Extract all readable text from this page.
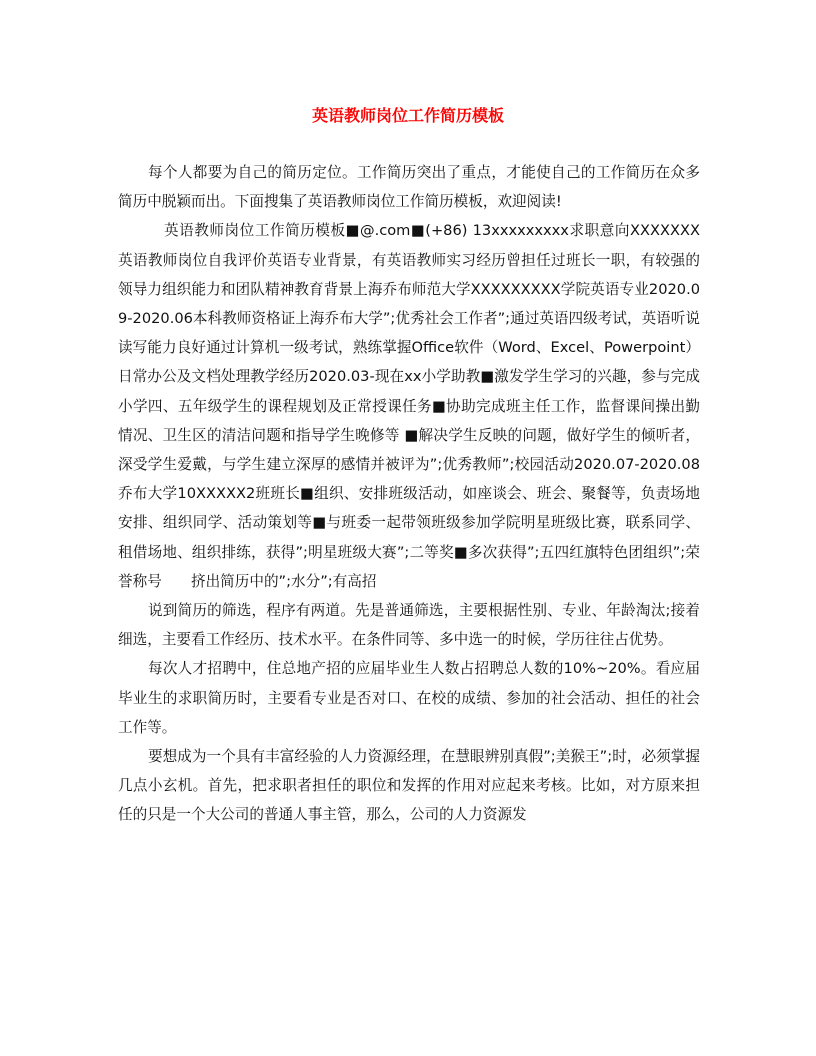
英语教师岗位工作简历模板

每个人都要为自己的简历定位。工作简历突出了重点，才能使自己的工作简历在众多简历中脱颖而出。下面搜集了英语教师岗位工作简历模板，欢迎阅读!

英语教师岗位工作简历模板■@.com■(+86) 13xxxxxxxxx求职意向XXXXXXX英语教师岗位自我评价英语专业背景，有英语教师实习经历曾担任过班长一职，有较强的领导力组织能力和团队精神教育背景上海乔布师范大学XXXXXXXXX学院英语专业2020.09-2020.06本科教师资格证上海乔布大学”;优秀社会工作者”;通过英语四级考试，英语听说读写能力良好通过计算机一级考试，熟练掌握Office软件（Word、Excel、Powerpoint）日常办公及文档处理教学经历2020.03-现在xx小学助教■激发学生学习的兴趣，参与完成小学四、五年级学生的课程规划及正常授课任务■协助完成班主任工作，监督课间操出勤情况、卫生区的清洁问题和指导学生晚修等 ■解决学生反映的问题，做好学生的倾听者，深受学生爱戴，与学生建立深厚的感情并被评为”;优秀教师”;校园活动2020.07-2020.08乔布大学10XXXXX2班班长■组织、安排班级活动，如座谈会、班会、聚餐等，负责场地安排、组织同学、活动策划等■与班委一起带领班级参加学院明星班级比赛，联系同学、租借场地、组织排练，获得”;明星班级大赛”;二等奖■多次获得”;五四红旗特色团组织”;荣誉称号　　挤出简历中的”;水分”;有高招

说到简历的筛选，程序有两道。先是普通筛选，主要根据性别、专业、年龄淘汰;接着细选，主要看工作经历、技术水平。在条件同等、多中选一的时候，学历往往占优势。

每次人才招聘中，住总地产招的应届毕业生人数占招聘总人数的10%~20%。看应届毕业生的求职简历时，主要看专业是否对口、在校的成绩、参加的社会活动、担任的社会工作等。

要想成为一个具有丰富经验的人力资源经理，在慧眼辨别真假”;美猴王”;时，必须掌握几点小玄机。首先，把求职者担任的职位和发挥的作用对应起来考核。比如，对方原来担任的只是一个大公司的普通人事主管，那么，公司的人力资源发
